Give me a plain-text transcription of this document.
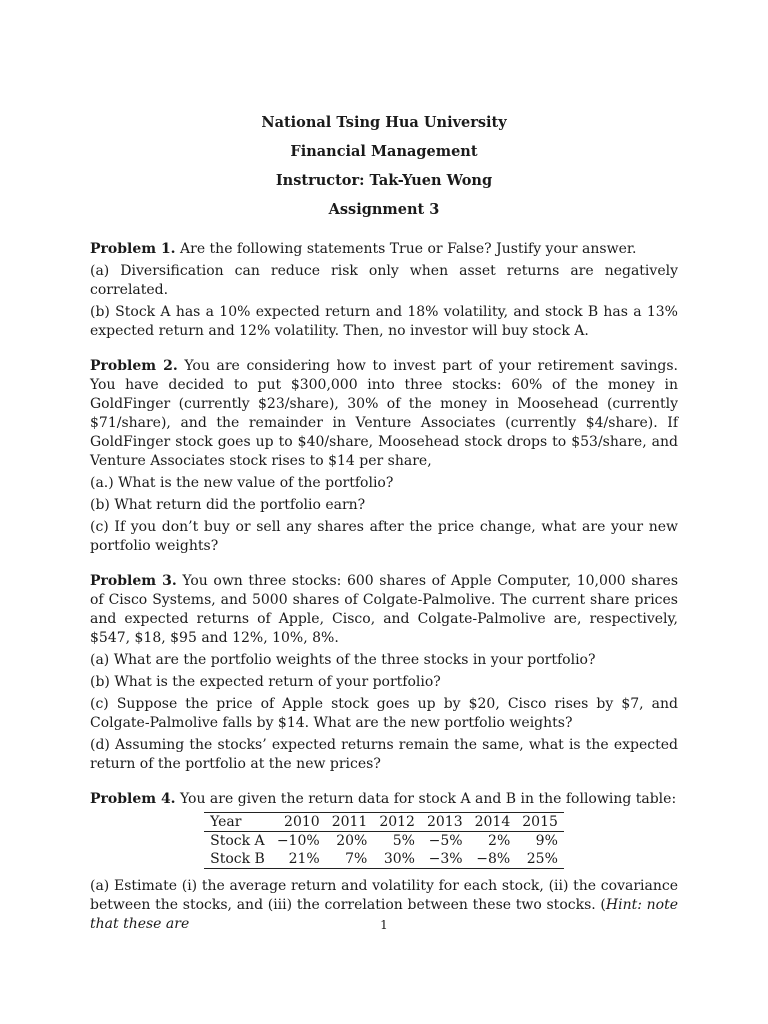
National Tsing Hua University
Financial Management
Instructor: Tak-Yuen Wong
Assignment 3

Problem 1. Are the following statements True or False? Justify your answer.

(a) Diversification can reduce risk only when asset returns are negatively correlated.

(b) Stock A has a 10% expected return and 18% volatility, and stock B has a 13% expected return and 12% volatility. Then, no investor will buy stock A.

Problem 2. You are considering how to invest part of your retirement savings. You have decided to put $300,000 into three stocks: 60% of the money in GoldFinger (currently $23/share), 30% of the money in Moosehead (currently $71/share), and the remainder in Venture Associates (currently $4/share). If GoldFinger stock goes up to $40/share, Moosehead stock drops to $53/share, and Venture Associates stock rises to $14 per share,

(a.) What is the new value of the portfolio?

(b) What return did the portfolio earn?

(c) If you don’t buy or sell any shares after the price change, what are your new portfolio weights?

Problem 3. You own three stocks: 600 shares of Apple Computer, 10,000 shares of Cisco Systems, and 5000 shares of Colgate-Palmolive. The current share prices and expected returns of Apple, Cisco, and Colgate-Palmolive are, respectively, $547, $18, $95 and 12%, 10%, 8%.

(a) What are the portfolio weights of the three stocks in your portfolio?

(b) What is the expected return of your portfolio?

(c) Suppose the price of Apple stock goes up by $20, Cisco rises by $7, and Colgate-Palmolive falls by $14. What are the new portfolio weights?

(d) Assuming the stocks’ expected returns remain the same, what is the expected return of the portfolio at the new prices?

Problem 4. You are given the return data for stock A and B in the following table:

Year	2010	2011	2012	2013	2014	2015
Stock A	−10%	20%	5%	−5%	2%	9%
Stock B	21%	7%	30%	−3%	−8%	25%

(a) Estimate (i) the average return and volatility for each stock, (ii) the covariance between the stocks, and (iii) the correlation between these two stocks. (Hint: note that these are	1
